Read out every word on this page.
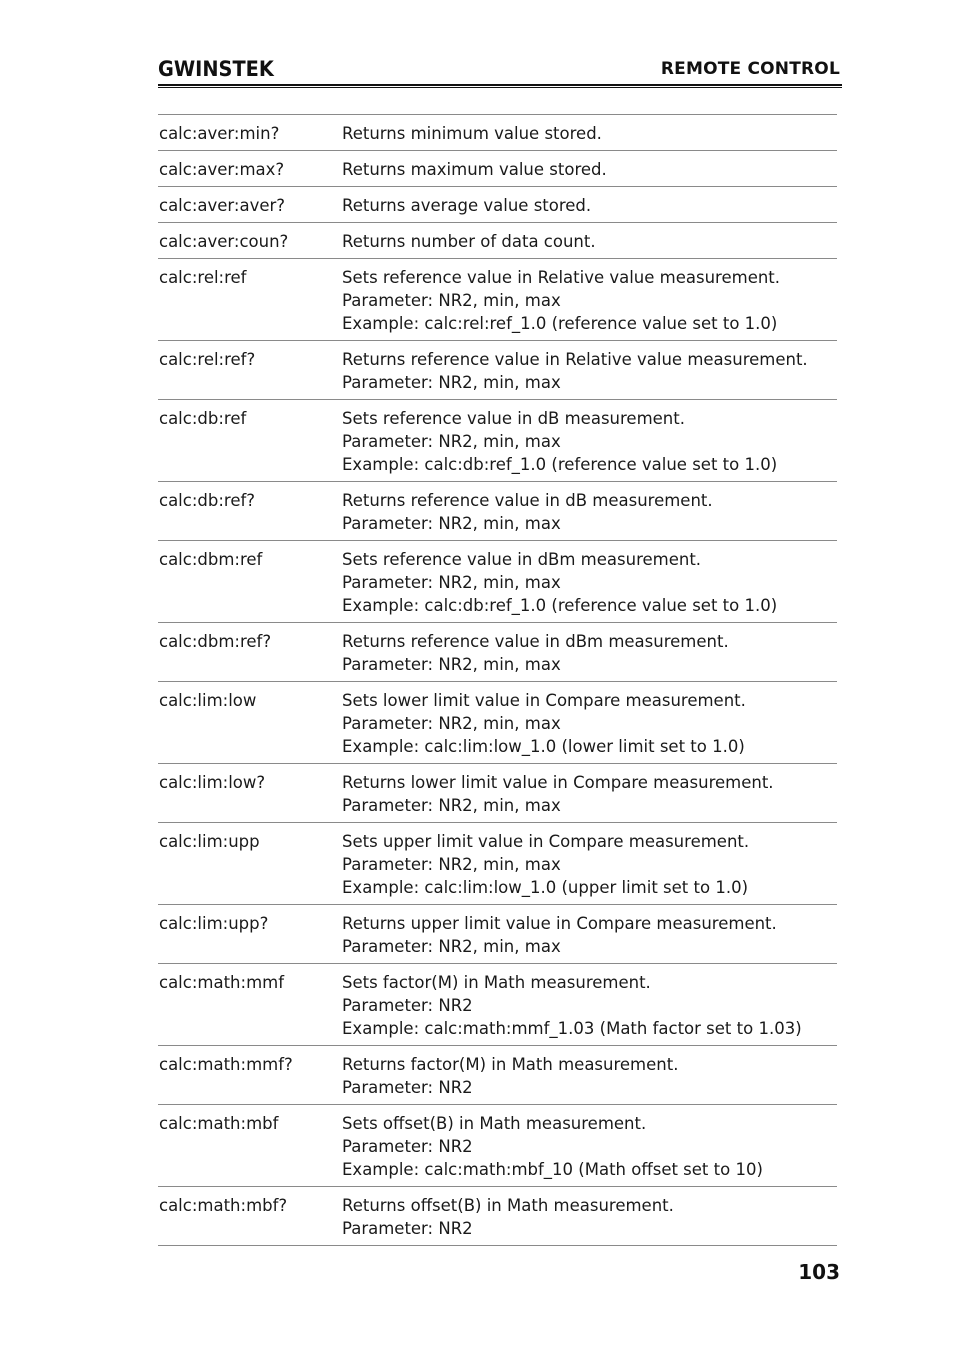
GWINSTEK	REMOTE CONTROL
calc:aver:min?	Returns minimum value stored.
calc:aver:max?	Returns maximum value stored.
calc:aver:aver?	Returns average value stored.
calc:aver:coun?	Returns number of data count.
calc:rel:ref	Sets reference value in Relative value measurement.
Parameter: NR2, min, max
Example: calc:rel:ref_1.0 (reference value set to 1.0)
calc:rel:ref?	Returns reference value in Relative value measurement.
Parameter: NR2, min, max
calc:db:ref	Sets reference value in dB measurement.
Parameter: NR2, min, max
Example: calc:db:ref_1.0 (reference value set to 1.0)
calc:db:ref?	Returns reference value in dB measurement.
Parameter: NR2, min, max
calc:dbm:ref	Sets reference value in dBm measurement.
Parameter: NR2, min, max
Example: calc:db:ref_1.0 (reference value set to 1.0)
calc:dbm:ref?	Returns reference value in dBm measurement.
Parameter: NR2, min, max
calc:lim:low	Sets lower limit value in Compare measurement.
Parameter: NR2, min, max
Example: calc:lim:low_1.0 (lower limit set to 1.0)
calc:lim:low?	Returns lower limit value in Compare measurement.
Parameter: NR2, min, max
calc:lim:upp	Sets upper limit value in Compare measurement.
Parameter: NR2, min, max
Example: calc:lim:low_1.0 (upper limit set to 1.0)
calc:lim:upp?	Returns upper limit value in Compare measurement.
Parameter: NR2, min, max
calc:math:mmf	Sets factor(M) in Math measurement.
Parameter: NR2
Example: calc:math:mmf_1.03 (Math factor set to 1.03)
calc:math:mmf?	Returns factor(M) in Math measurement.
Parameter: NR2
calc:math:mbf	Sets offset(B) in Math measurement.
Parameter: NR2
Example: calc:math:mbf_10 (Math offset set to 10)
calc:math:mbf?	Returns offset(B) in Math measurement.
Parameter: NR2
103
